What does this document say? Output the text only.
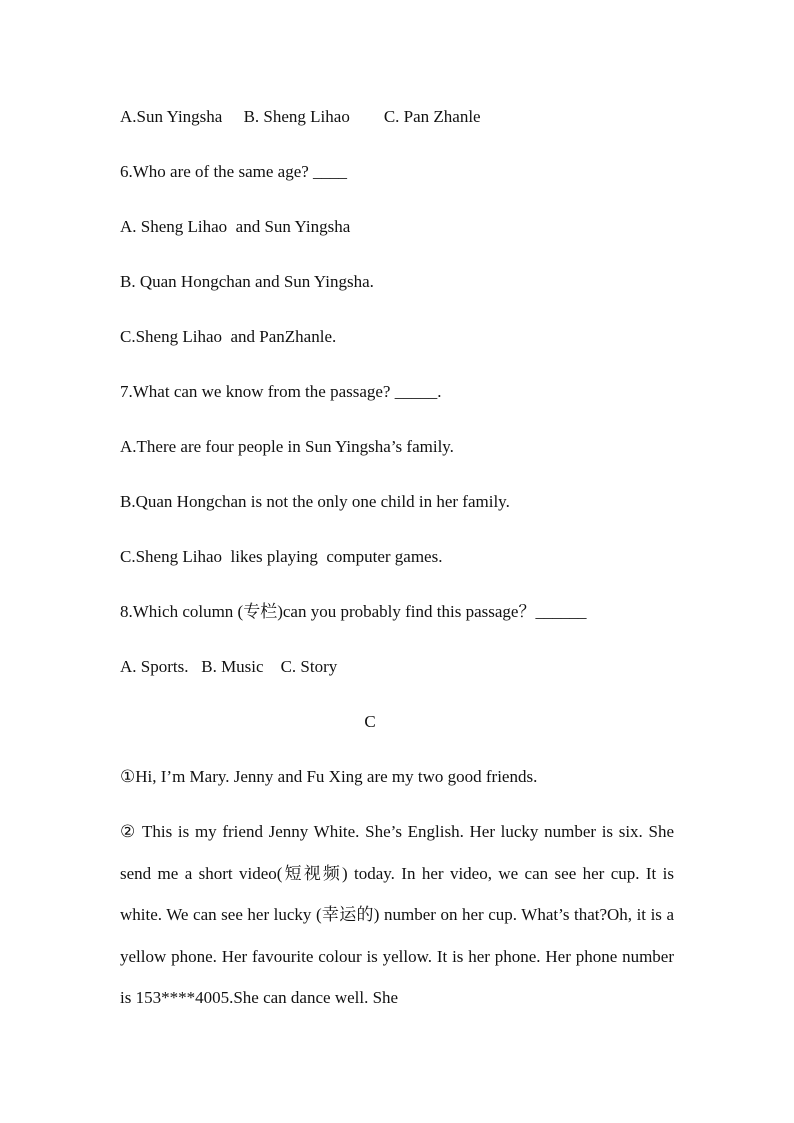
A.Sun Yingsha     B. Sheng Lihao        C. Pan Zhanle
6.Who are of the same age? ____
A. Sheng Lihao  and Sun Yingsha
B. Quan Hongchan and Sun Yingsha.
C.Sheng Lihao  and PanZhanle.
7.What can we know from the passage? _____.
A.There are four people in Sun Yingsha’s family.
B.Quan Hongchan is not the only one child in her family.
C.Sheng Lihao  likes playing  computer games.
8.Which column (专栏)can you probably find this passage？______
A. Sports.   B. Music    C. Story
C
①Hi, I’m Mary. Jenny and Fu Xing are my two good friends.
② This is my friend Jenny White. She’s English. Her lucky number is six. She send me a short video(短视频) today. In her video, we can see her cup. It is white. We can see her lucky (幸运的) number on her cup. What’s that?Oh, it is a yellow phone. Her favourite colour is yellow. It is her phone. Her phone number is 153****4005.She can dance well. She
